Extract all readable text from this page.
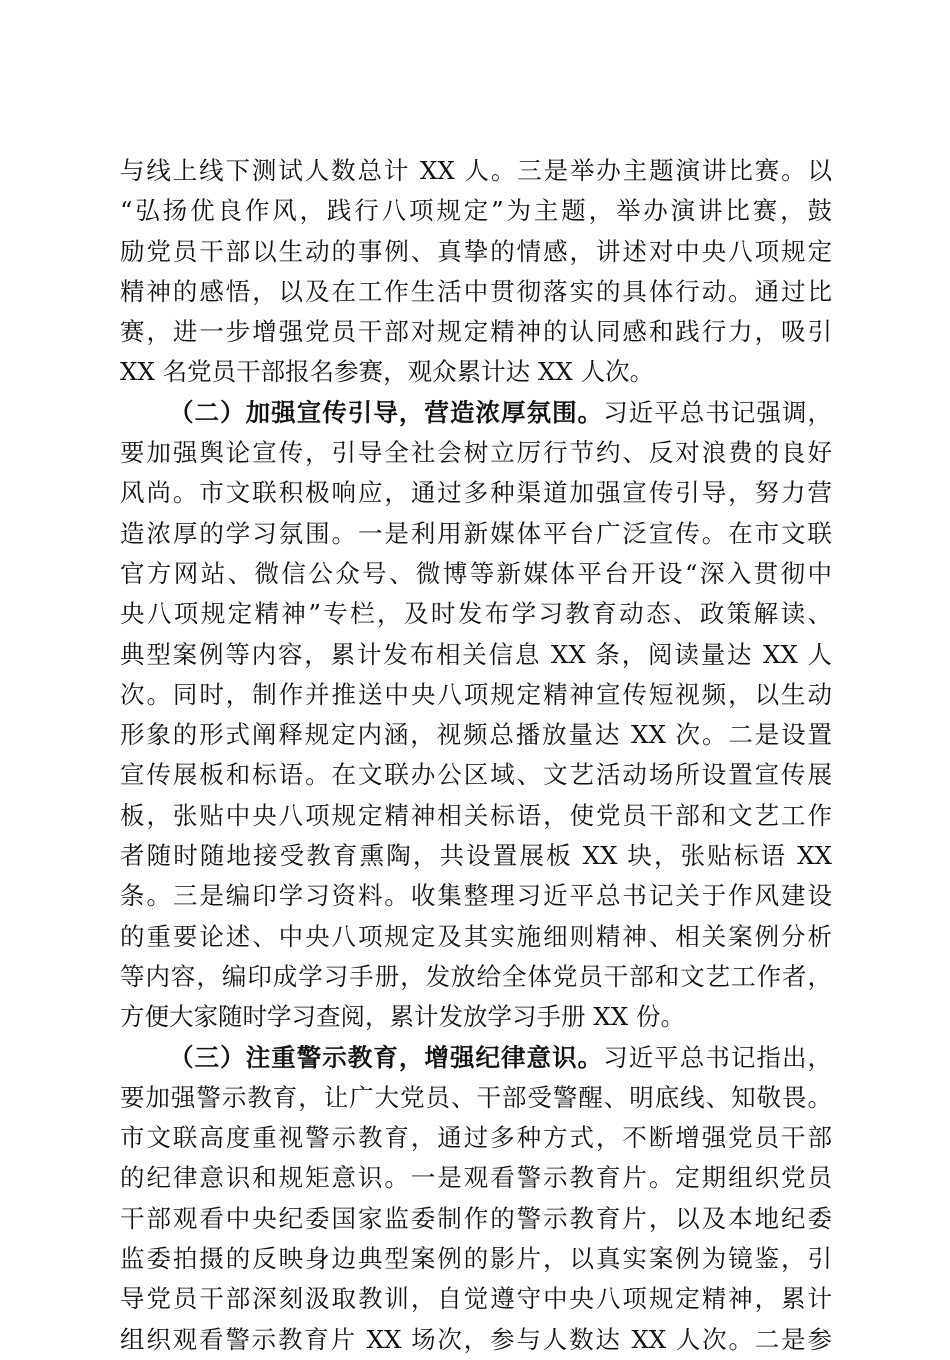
与线上线下测试人数总计 XX 人。三是举办主题演讲比赛。以
“弘扬优良作风，践行八项规定”为主题，举办演讲比赛，鼓
励党员干部以生动的事例、真挚的情感，讲述对中央八项规定
精神的感悟，以及在工作生活中贯彻落实的具体行动。通过比
赛，进一步增强党员干部对规定精神的认同感和践行力，吸引
XX 名党员干部报名参赛，观众累计达 XX 人次。
（二）加强宣传引导，营造浓厚氛围。习近平总书记强调，
要加强舆论宣传，引导全社会树立厉行节约、反对浪费的良好
风尚。市文联积极响应，通过多种渠道加强宣传引导，努力营
造浓厚的学习氛围。一是利用新媒体平台广泛宣传。在市文联
官方网站、微信公众号、微博等新媒体平台开设“深入贯彻中
央八项规定精神”专栏，及时发布学习教育动态、政策解读、
典型案例等内容，累计发布相关信息 XX 条，阅读量达 XX 人
次。同时，制作并推送中央八项规定精神宣传短视频，以生动
形象的形式阐释规定内涵，视频总播放量达 XX 次。二是设置
宣传展板和标语。在文联办公区域、文艺活动场所设置宣传展
板，张贴中央八项规定精神相关标语，使党员干部和文艺工作
者随时随地接受教育熏陶，共设置展板 XX 块，张贴标语 XX
条。三是编印学习资料。收集整理习近平总书记关于作风建设
的重要论述、中央八项规定及其实施细则精神、相关案例分析
等内容，编印成学习手册，发放给全体党员干部和文艺工作者，
方便大家随时学习查阅，累计发放学习手册 XX 份。
（三）注重警示教育，增强纪律意识。习近平总书记指出，
要加强警示教育，让广大党员、干部受警醒、明底线、知敬畏。
市文联高度重视警示教育，通过多种方式，不断增强党员干部
的纪律意识和规矩意识。一是观看警示教育片。定期组织党员
干部观看中央纪委国家监委制作的警示教育片，以及本地纪委
监委拍摄的反映身边典型案例的影片，以真实案例为镜鉴，引
导党员干部深刻汲取教训，自觉遵守中央八项规定精神，累计
组织观看警示教育片 XX 场次，参与人数达 XX 人次。二是参
